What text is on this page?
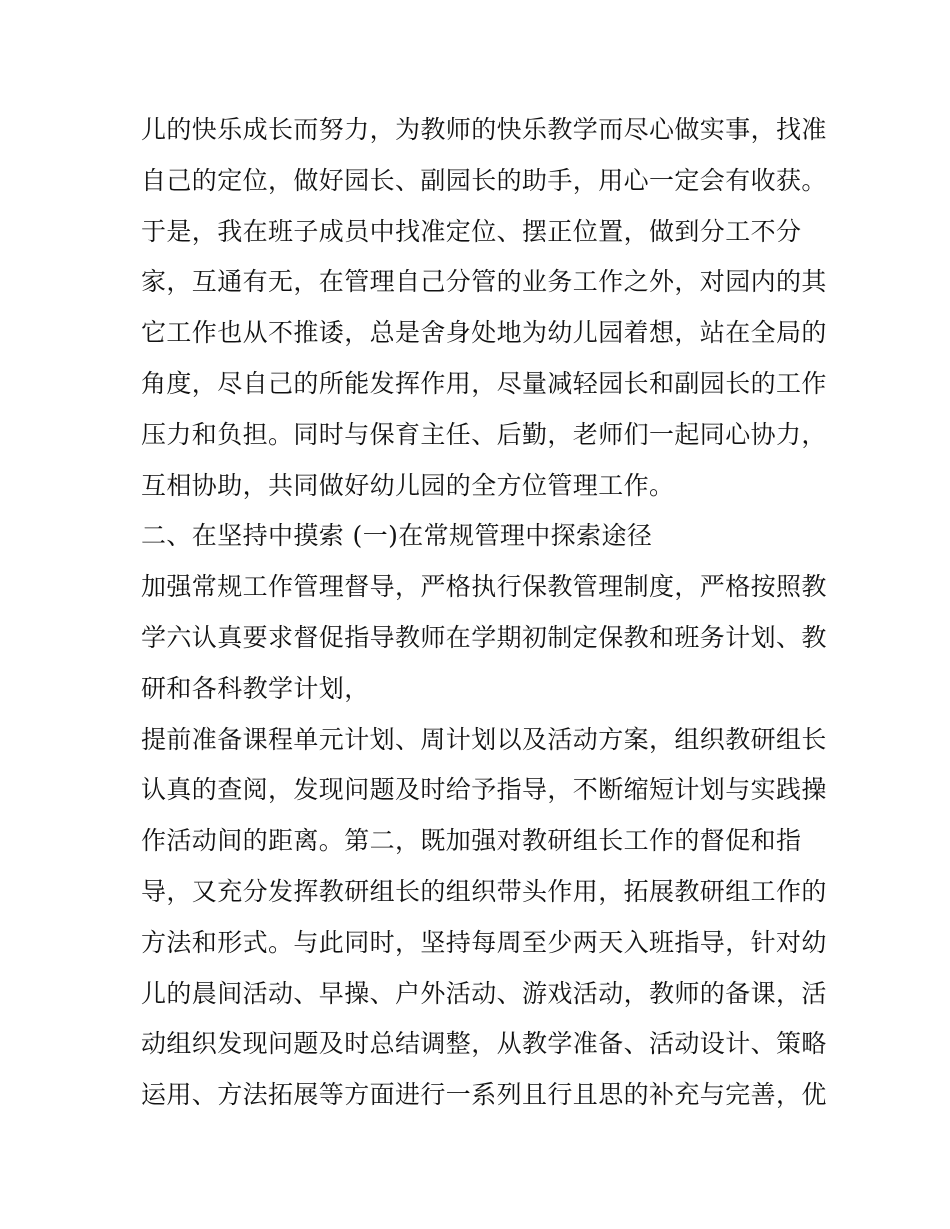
儿的快乐成长而努力，为教师的快乐教学而尽心做实事，找准
自己的定位，做好园长、副园长的助手，用心一定会有收获。
于是，我在班子成员中找准定位、摆正位置，做到分工不分
家，互通有无，在管理自己分管的业务工作之外，对园内的其
它工作也从不推诿，总是舍身处地为幼儿园着想，站在全局的
角度，尽自己的所能发挥作用，尽量减轻园长和副园长的工作
压力和负担。同时与保育主任、后勤，老师们一起同心协力，
互相协助，共同做好幼儿园的全方位管理工作。
二、在坚持中摸索 (一)在常规管理中探索途径
加强常规工作管理督导，严格执行保教管理制度，严格按照教
学六认真要求督促指导教师在学期初制定保教和班务计划、教
研和各科教学计划，
提前准备课程单元计划、周计划以及活动方案，组织教研组长
认真的查阅，发现问题及时给予指导，不断缩短计划与实践操
作活动间的距离。第二，既加强对教研组长工作的督促和指
导，又充分发挥教研组长的组织带头作用，拓展教研组工作的
方法和形式。与此同时，坚持每周至少两天入班指导，针对幼
儿的晨间活动、早操、户外活动、游戏活动，教师的备课，活
动组织发现问题及时总结调整，从教学准备、活动设计、策略
运用、方法拓展等方面进行一系列且行且思的补充与完善，优
